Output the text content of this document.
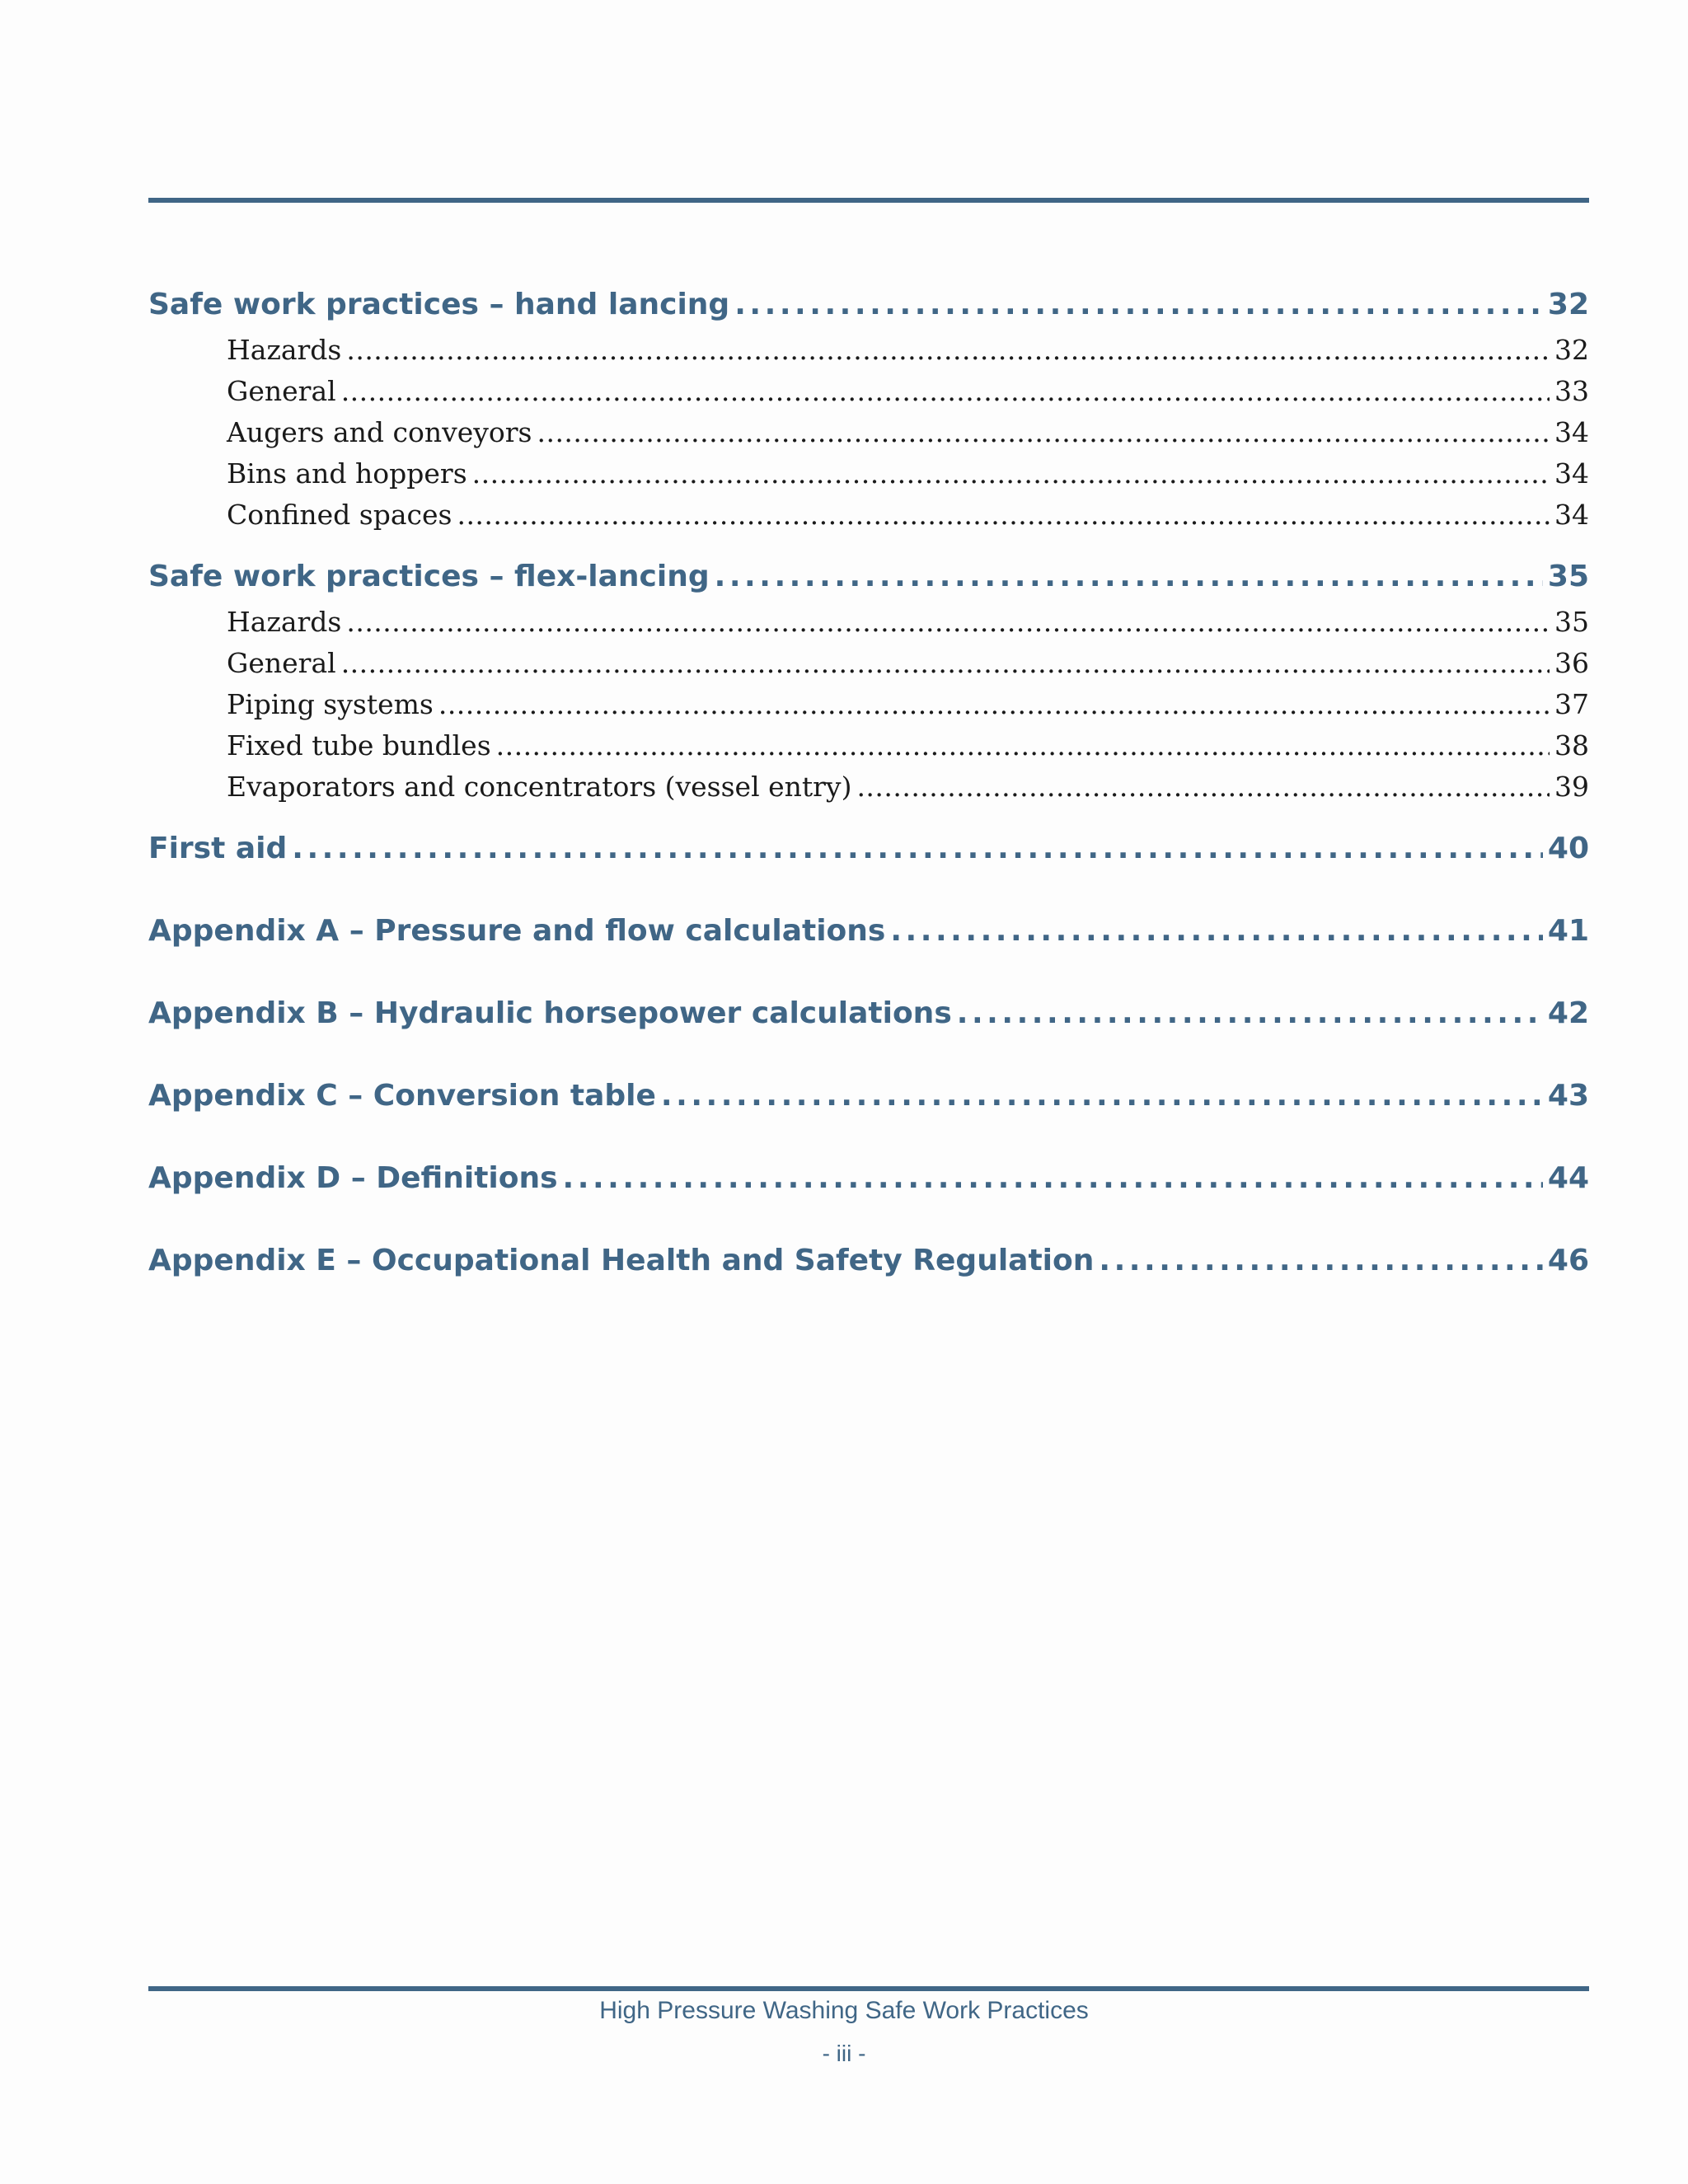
Safe work practices – hand lancing . . .	32
Hazards . . .	32
General . . .	33
Augers and conveyors . . .	34
Bins and hoppers . . .	34
Confined spaces . . .	34
Safe work practices – flex-lancing . . .	35
Hazards . . .	35
General . . .	36
Piping systems . . .	37
Fixed tube bundles . . .	38
Evaporators and concentrators (vessel entry) . . .	39
First aid . . .	40
Appendix A – Pressure and flow calculations . . .	41
Appendix B – Hydraulic horsepower calculations . . .	42
Appendix C – Conversion table . . .	43
Appendix D – Definitions . . .	44
Appendix E – Occupational Health and Safety Regulation . . .	46
High Pressure Washing Safe Work Practices
- iii -
